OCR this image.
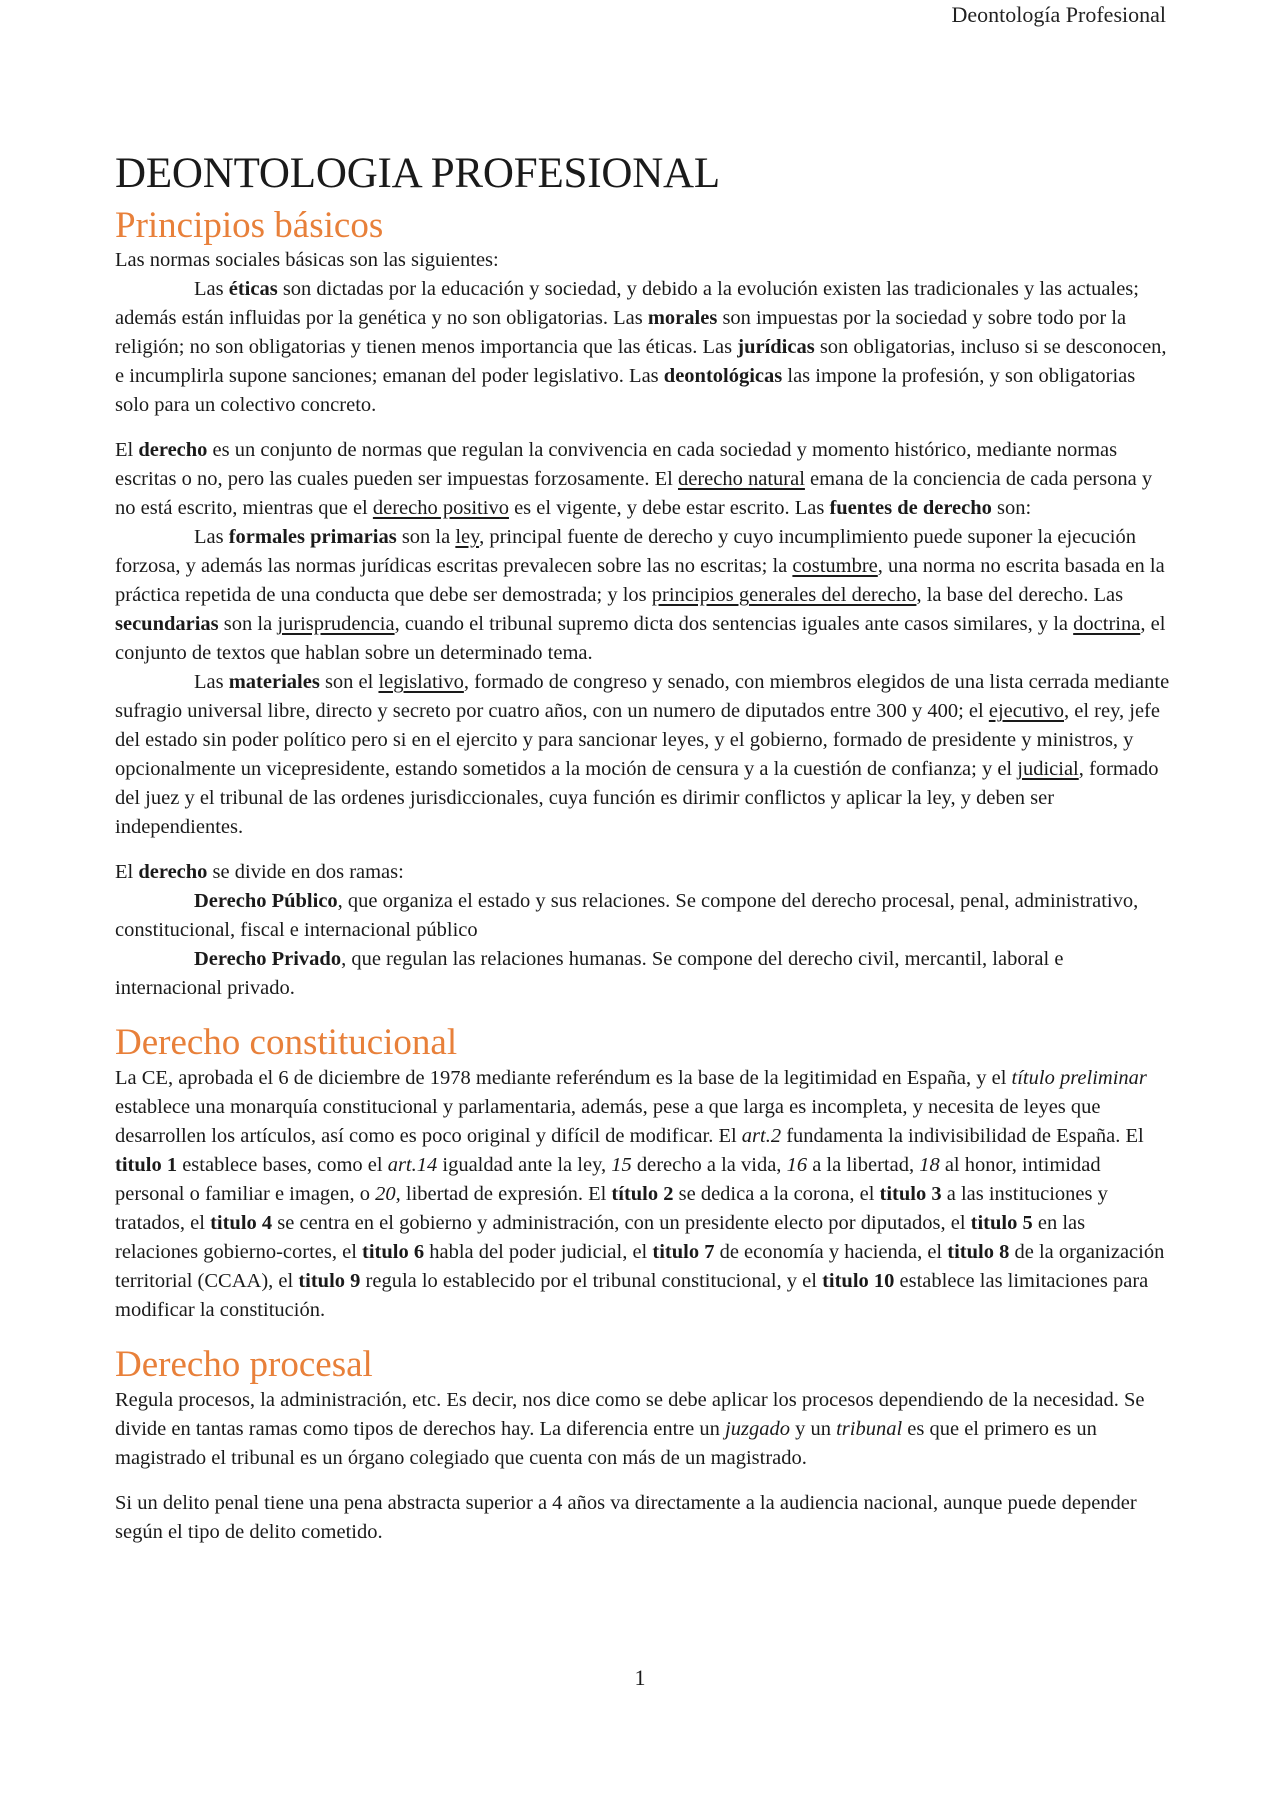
Deontología Profesional
DEONTOLOGIA PROFESIONAL
Principios básicos

Las normas sociales básicas son las siguientes:

Las éticas son dictadas por la educación y sociedad, y debido a la evolución existen las tradicionales y las actuales; además están influidas por la genética y no son obligatorias. Las morales son impuestas por la sociedad y sobre todo por la religión; no son obligatorias y tienen menos importancia que las éticas. Las jurídicas son obligatorias, incluso si se desconocen, e incumplirla supone sanciones; emanan del poder legislativo. Las deontológicas las impone la profesión, y son obligatorias solo para un colectivo concreto.

El derecho es un conjunto de normas que regulan la convivencia en cada sociedad y momento histórico, mediante normas escritas o no, pero las cuales pueden ser impuestas forzosamente. El derecho natural emana de la conciencia de cada persona y no está escrito, mientras que el derecho positivo es el vigente, y debe estar escrito. Las fuentes de derecho son:

Las formales primarias son la ley, principal fuente de derecho y cuyo incumplimiento puede suponer la ejecución forzosa, y además las normas jurídicas escritas prevalecen sobre las no escritas; la costumbre, una norma no escrita basada en la práctica repetida de una conducta que debe ser demostrada; y los principios generales del derecho, la base del derecho. Las secundarias son la jurisprudencia, cuando el tribunal supremo dicta dos sentencias iguales ante casos similares, y la doctrina, el conjunto de textos que hablan sobre un determinado tema.

Las materiales son el legislativo, formado de congreso y senado, con miembros elegidos de una lista cerrada mediante sufragio universal libre, directo y secreto por cuatro años, con un numero de diputados entre 300 y 400; el ejecutivo, el rey, jefe del estado sin poder político pero si en el ejercito y para sancionar leyes, y el gobierno, formado de presidente y ministros, y opcionalmente un vicepresidente, estando sometidos a la moción de censura y a la cuestión de confianza; y el judicial, formado del juez y el tribunal de las ordenes jurisdiccionales, cuya función es dirimir conflictos y aplicar la ley, y deben ser independientes.

El derecho se divide en dos ramas:

Derecho Público, que organiza el estado y sus relaciones. Se compone del derecho procesal, penal, administrativo, constitucional, fiscal e internacional público

Derecho Privado, que regulan las relaciones humanas. Se compone del derecho civil, mercantil, laboral e internacional privado.

Derecho constitucional

La CE, aprobada el 6 de diciembre de 1978 mediante referéndum es la base de la legitimidad en España, y el título preliminar establece una monarquía constitucional y parlamentaria, además, pese a que larga es incompleta, y necesita de leyes que desarrollen los artículos, así como es poco original y difícil de modificar. El art.2 fundamenta la indivisibilidad de España. El titulo 1 establece bases, como el art.14 igualdad ante la ley, 15 derecho a la vida, 16 a la libertad, 18 al honor, intimidad personal o familiar e imagen, o 20, libertad de expresión. El título 2 se dedica a la corona, el titulo 3 a las instituciones y tratados, el titulo 4 se centra en el gobierno y administración, con un presidente electo por diputados, el titulo 5 en las relaciones gobierno-cortes, el titulo 6 habla del poder judicial, el titulo 7 de economía y hacienda, el titulo 8 de la organización territorial (CCAA), el titulo 9 regula lo establecido por el tribunal constitucional, y el titulo 10 establece las limitaciones para modificar la constitución.

Derecho procesal

Regula procesos, la administración, etc. Es decir, nos dice como se debe aplicar los procesos dependiendo de la necesidad. Se divide en tantas ramas como tipos de derechos hay. La diferencia entre un juzgado y un tribunal es que el primero es un magistrado el tribunal es un órgano colegiado que cuenta con más de un magistrado.

Si un delito penal tiene una pena abstracta superior a 4 años va directamente a la audiencia nacional, aunque puede depender según el tipo de delito cometido.

1
